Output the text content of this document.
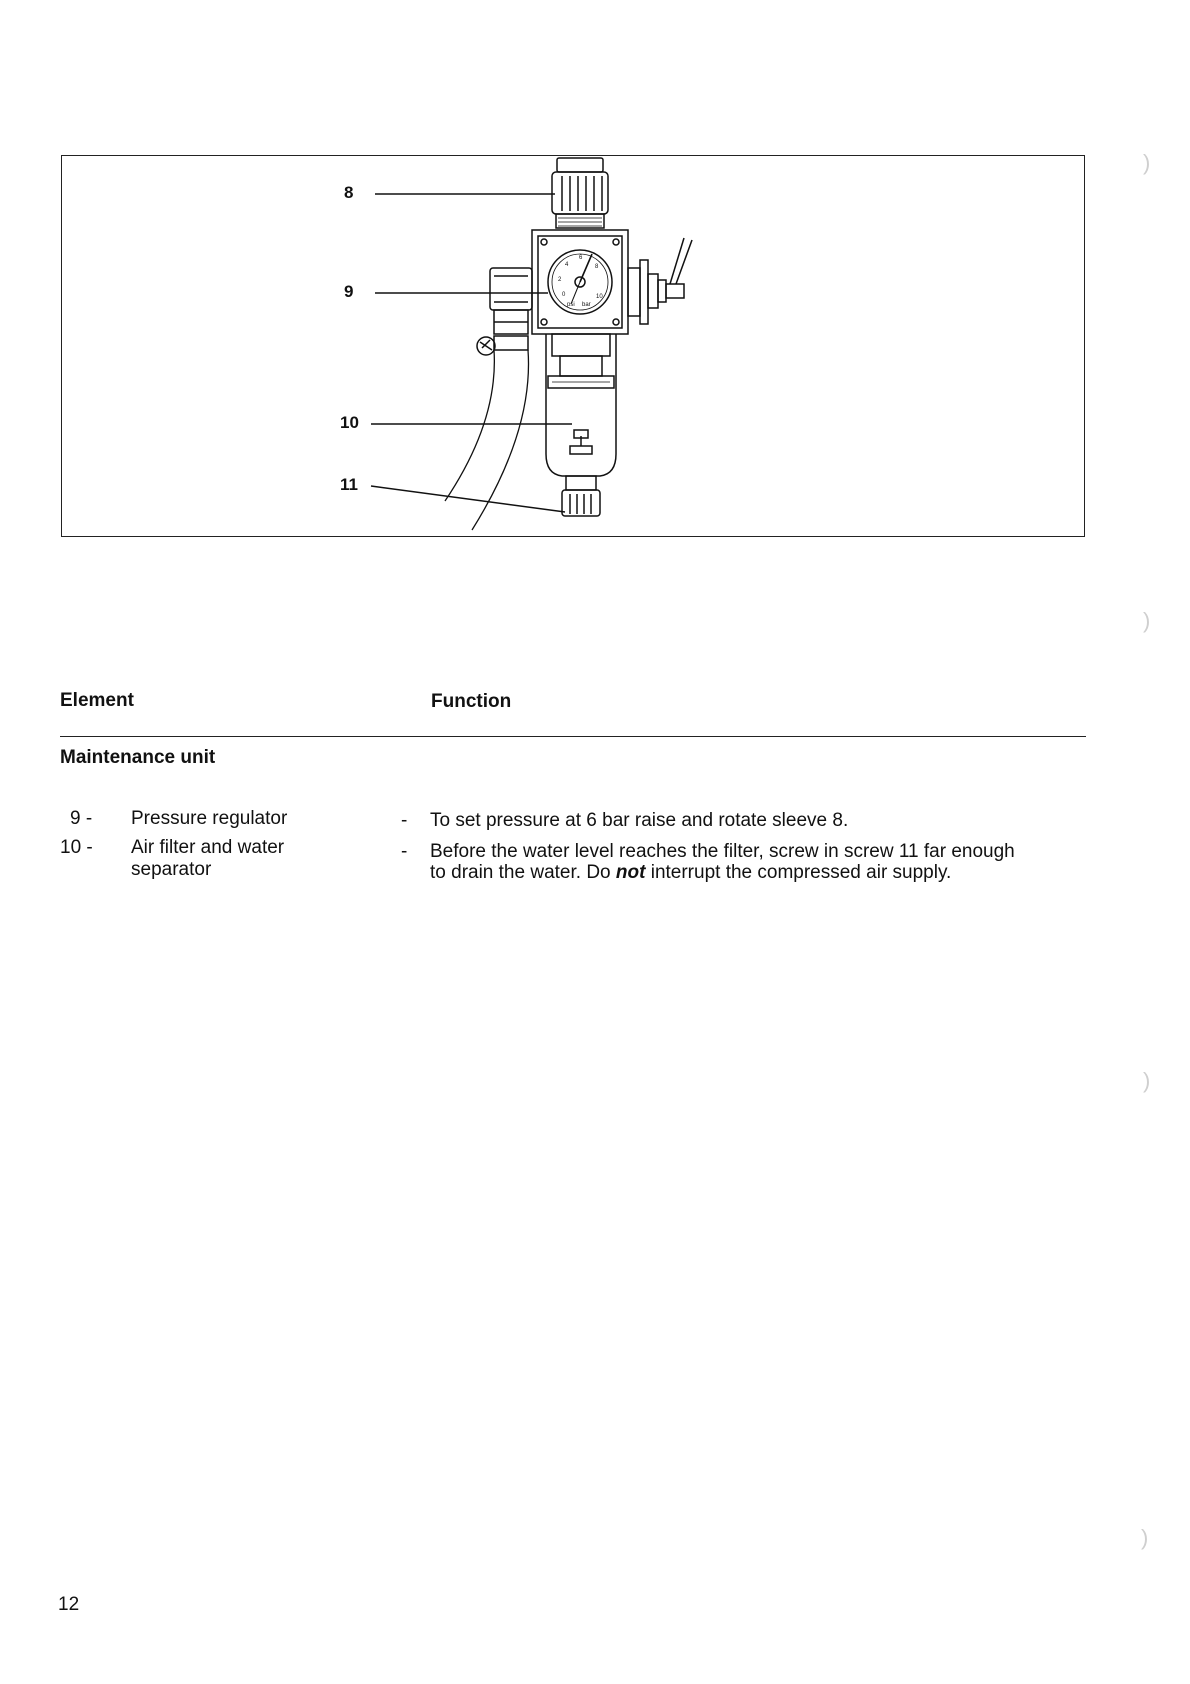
0
2
4
6
8
10
psi bar
8
9
10
11
Element	Function
Maintenance unit
9 - Pressure regulator	- To set pressure at 6 bar raise and rotate sleeve 8.
10 - Air filter and water separator
- Before the water level reaches the filter, screw in screw 11 far enough to drain the water. Do not interrupt the compressed air supply.
12
)
)
)
)
